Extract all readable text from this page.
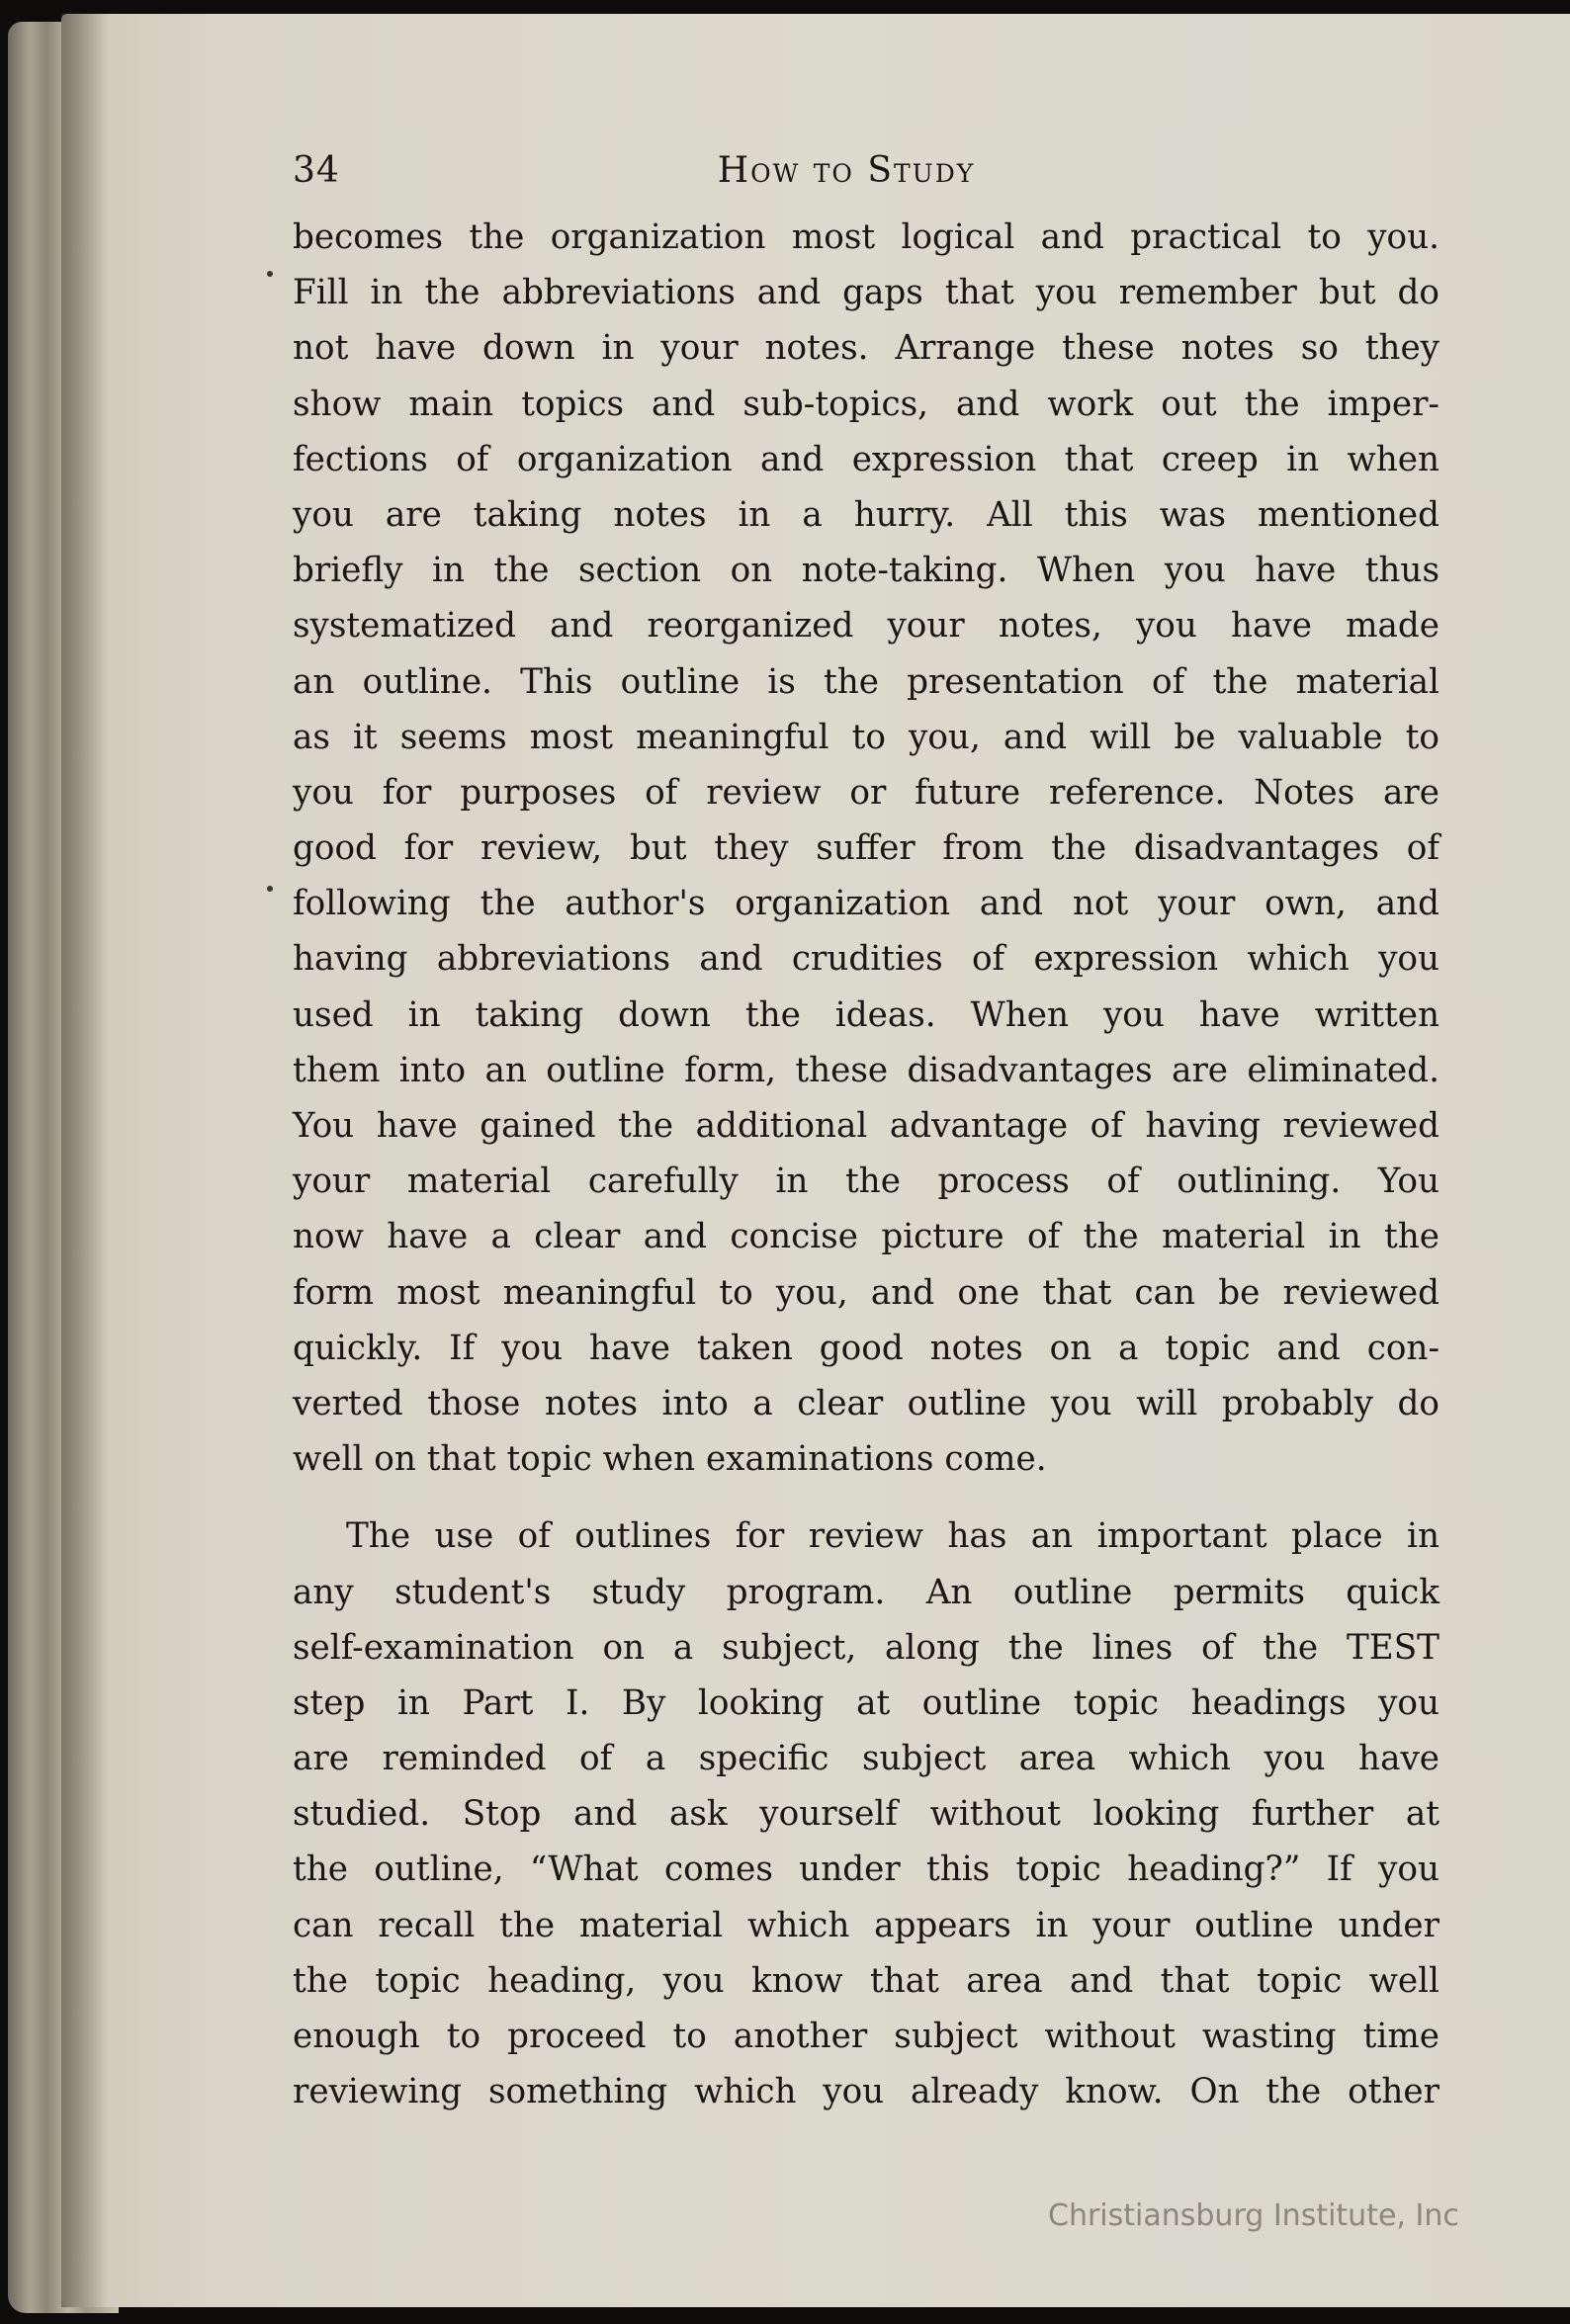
34	How to Study
becomes the organization most logical and practical to you.
Fill in the abbreviations and gaps that you remember but do
not have down in your notes. Arrange these notes so they
show main topics and sub-topics, and work out the imper-
fections of organization and expression that creep in when
you are taking notes in a hurry. All this was mentioned
briefly in the section on note-taking. When you have thus
systematized and reorganized your notes, you have made
an outline. This outline is the presentation of the material
as it seems most meaningful to you, and will be valuable to
you for purposes of review or future reference. Notes are
good for review, but they suffer from the disadvantages of
following the author's organization and not your own, and
having abbreviations and crudities of expression which you
used in taking down the ideas. When you have written
them into an outline form, these disadvantages are eliminated.
You have gained the additional advantage of having reviewed
your material carefully in the process of outlining. You
now have a clear and concise picture of the material in the
form most meaningful to you, and one that can be reviewed
quickly. If you have taken good notes on a topic and con-
verted those notes into a clear outline you will probably do
well on that topic when examinations come.
The use of outlines for review has an important place in
any student's study program. An outline permits quick
self-examination on a subject, along the lines of the TEST
step in Part I. By looking at outline topic headings you
are reminded of a specific subject area which you have
studied. Stop and ask yourself without looking further at
the outline, “What comes under this topic heading?” If you
can recall the material which appears in your outline under
the topic heading, you know that area and that topic well
enough to proceed to another subject without wasting time
reviewing something which you already know. On the other
Christiansburg Institute, Inc
